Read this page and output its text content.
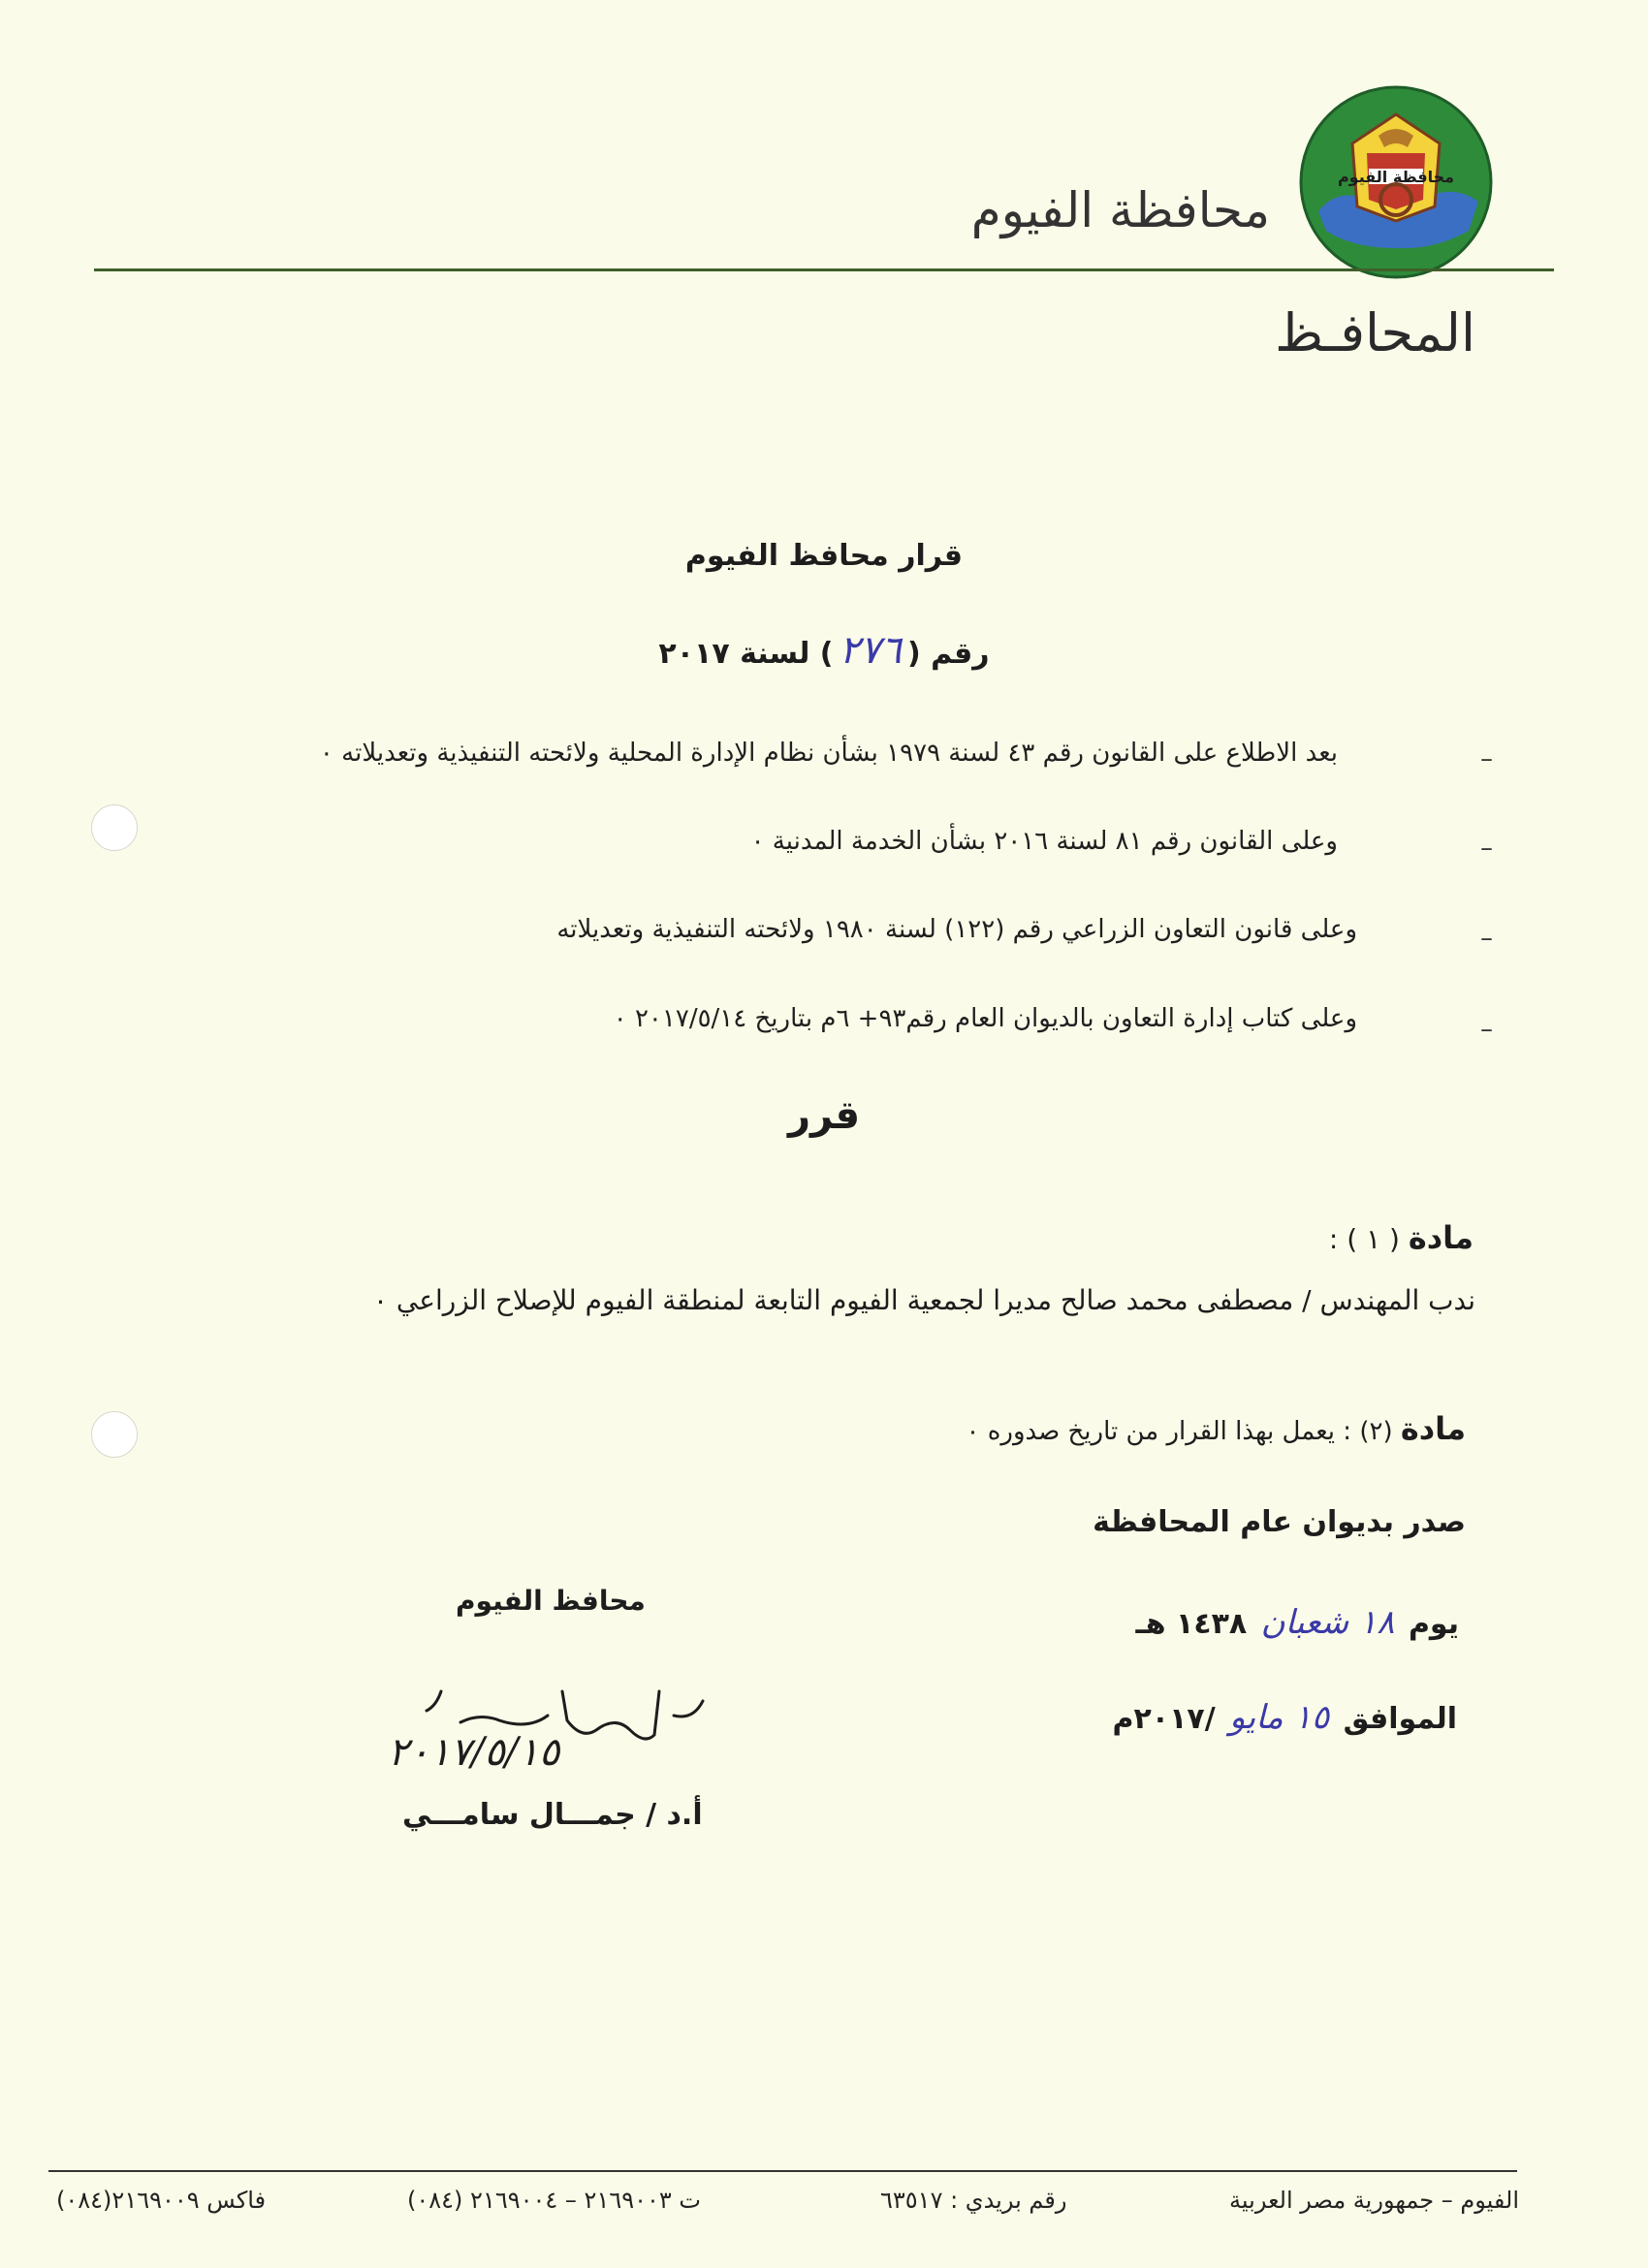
محافظة الفيوم
محافظة الفيوم
المحافـظ
قرار محافظ الفيوم
رقم (٢٧٦) لسنة ٢٠١٧
–
بعد الاطلاع على القانون رقم ٤٣ لسنة ١٩٧٩ بشأن نظام الإدارة المحلية ولائحته التنفيذية وتعديلاته ٠
–
وعلى القانون رقم ٨١ لسنة ٢٠١٦ بشأن الخدمة المدنية ٠
–
وعلى قانون التعاون الزراعي رقم (١٢٢) لسنة ١٩٨٠ ولائحته التنفيذية وتعديلاته
–
وعلى كتاب إدارة التعاون بالديوان العام رقم٩٣+ ٦م بتاريخ ٢٠١٧/٥/١٤ ٠
قرر
مادة ( ١ ) :
ندب المهندس / مصطفى محمد صالح مديرا لجمعية الفيوم التابعة لمنطقة الفيوم للإصلاح الزراعي ٠
مادة (٢) : يعمل بهذا القرار من تاريخ صدوره ٠
صدر بديوان عام المحافظة
يوم ١٨ شعبان ١٤٣٨ هـ
الموافق ١٥ مايو /٢٠١٧م
محافظ الفيوم
٢٠١٧/٥/١٥
أ.د / جمـــال سامـــي
الفيوم – جمهورية مصر العربية
رقم بريدي : ٦٣٥١٧
ت ٢١٦٩٠٠٣ – ٢١٦٩٠٠٤ (٠٨٤)
فاكس ٢١٦٩٠٠٩(٠٨٤)
